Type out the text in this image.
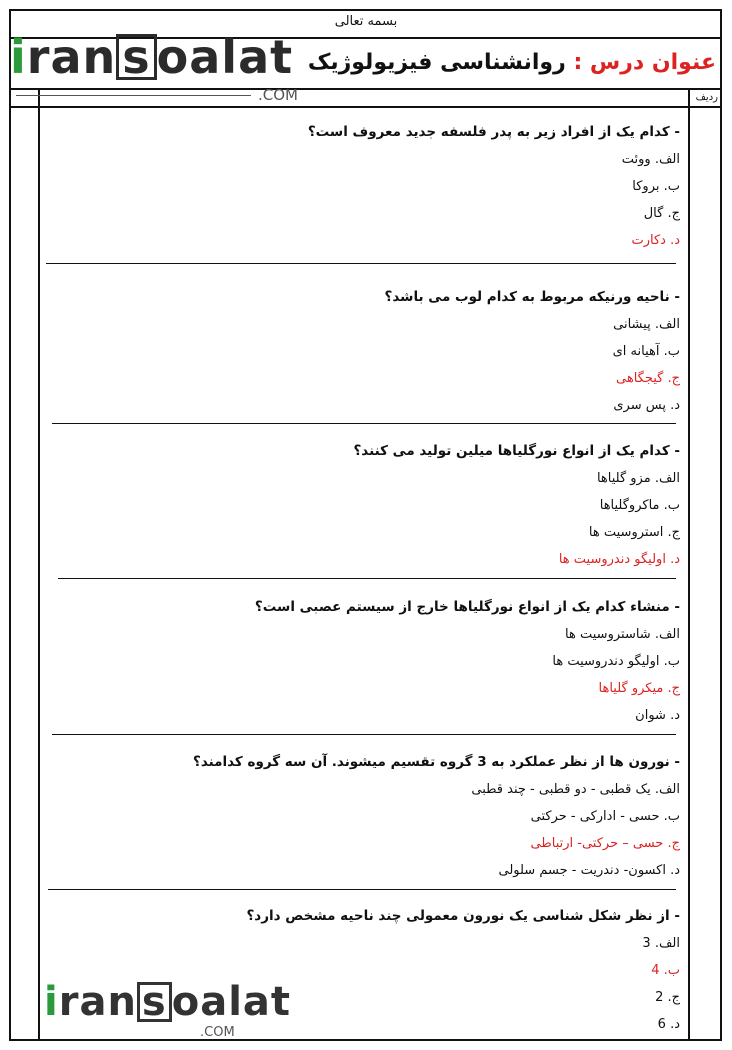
بسمه تعالی
iran s oalat
.COM
عنوان درس : روانشناسی فیزیولوژیک
ردیف
- کدام یک از افراد زیر به پدر فلسفه جدید معروف است؟
الف. ووئت
ب. بروکا
ج. گال
د. دکارت
- ناحیه ورنیکه مربوط به کدام لوب می باشد؟
الف. پیشانی
ب. آهیانه ای
ج. گیجگاهی
د. پس سری
- کدام یک از انواع نورگلیاها میلین تولید می کنند؟
الف. مزو گلیاها
ب. ماکروگلیاها
ج. استروسیت ها
د. اولیگو دندروسیت ها
- منشاء کدام یک از انواع نورگلیاها خارج از سیستم عصبی است؟
الف. شاستروسیت ها
ب. اولیگو دندروسیت ها
ج. میکرو گلیاها
د. شوان
- نورون ها از نظر عملکرد به 3 گروه تقسیم میشوند. آن سه گروه کدامند؟
الف. یک قطبی - دو قطبی - چند قطبی
ب. حسی - ادارکی - حرکتی
ج. حسی – حرکتی- ارتباطی
د. اکسون- دندریت - جسم سلولی
- از نظر شکل شناسی یک نورون معمولی چند ناحیه مشخص دارد؟
الف. 3
ب. 4
ج. 2
د. 6
iran s oalat
.COM
